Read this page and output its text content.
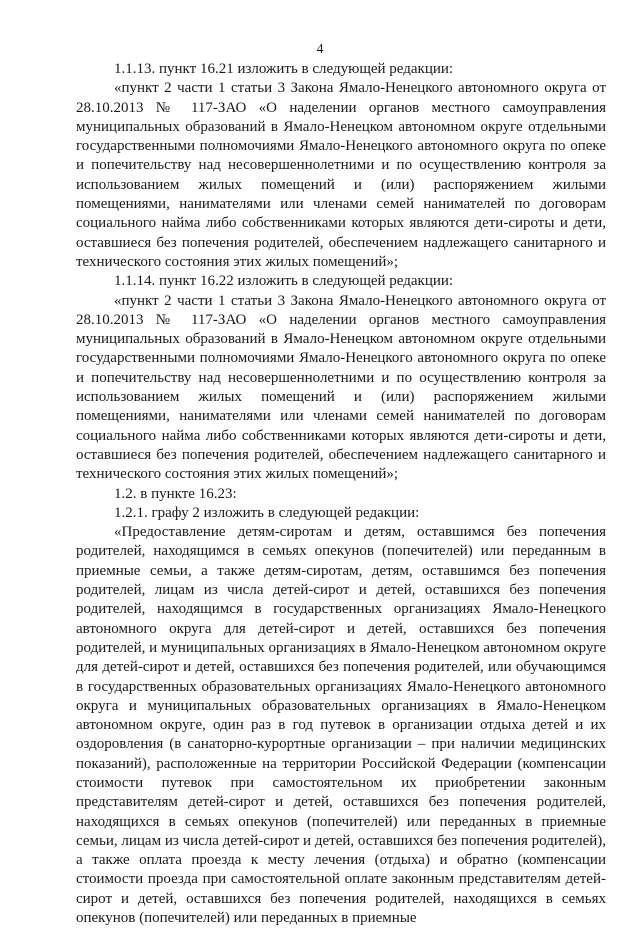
4

1.1.13. пункт 16.21 изложить в следующей редакции:

«пункт 2 части 1 статьи 3 Закона Ямало-Ненецкого автономного округа от 28.10.2013 № 117-ЗАО «О наделении органов местного самоуправления муниципальных образований в Ямало-Ненецком автономном округе отдельными государственными полномочиями Ямало-Ненецкого автономного округа по опеке и попечительству над несовершеннолетними и по осуществлению контроля за использованием жилых помещений и (или) распоряжением жилыми помещениями, нанимателями или членами семей нанимателей по договорам социального найма либо собственниками которых являются дети-сироты и дети, оставшиеся без попечения родителей, обеспечением надлежащего санитарного и технического состояния этих жилых помещений»;

1.1.14. пункт 16.22 изложить в следующей редакции:

«пункт 2 части 1 статьи 3 Закона Ямало-Ненецкого автономного округа от 28.10.2013 № 117-ЗАО «О наделении органов местного самоуправления муниципальных образований в Ямало-Ненецком автономном округе отдельными государственными полномочиями Ямало-Ненецкого автономного округа по опеке и попечительству над несовершеннолетними и по осуществлению контроля за использованием жилых помещений и (или) распоряжением жилыми помещениями, нанимателями или членами семей нанимателей по договорам социального найма либо собственниками которых являются дети-сироты и дети, оставшиеся без попечения родителей, обеспечением надлежащего санитарного и технического состояния этих жилых помещений»;

1.2. в пункте 16.23:

1.2.1. графу 2 изложить в следующей редакции:

«Предоставление детям-сиротам и детям, оставшимся без попечения родителей, находящимся в семьях опекунов (попечителей) или переданным в приемные семьи, а также детям-сиротам, детям, оставшимся без попечения родителей, лицам из числа детей-сирот и детей, оставшихся без попечения родителей, находящимся в государственных организациях Ямало-Ненецкого автономного округа для детей-сирот и детей, оставшихся без попечения родителей, и муниципальных организациях в Ямало-Ненецком автономном округе для детей-сирот и детей, оставшихся без попечения родителей, или обучающимся в государственных образовательных организациях Ямало-Ненецкого автономного округа и муниципальных образовательных организациях в Ямало-Ненецком автономном округе, один раз в год путевок в организации отдыха детей и их оздоровления (в санаторно-курортные организации – при наличии медицинских показаний), расположенные на территории Российской Федерации (компенсации стоимости путевок при самостоятельном их приобретении законным представителям детей-сирот и детей, оставшихся без попечения родителей, находящихся в семьях опекунов (попечителей) или переданных в приемные семьи, лицам из числа детей-сирот и детей, оставшихся без попечения родителей), а также оплата проезда к месту лечения (отдыха) и обратно (компенсации стоимости проезда при самостоятельной оплате законным представителям детей-сирот и детей, оставшихся без попечения родителей, находящихся в семьях опекунов (попечителей) или переданных в приемные
